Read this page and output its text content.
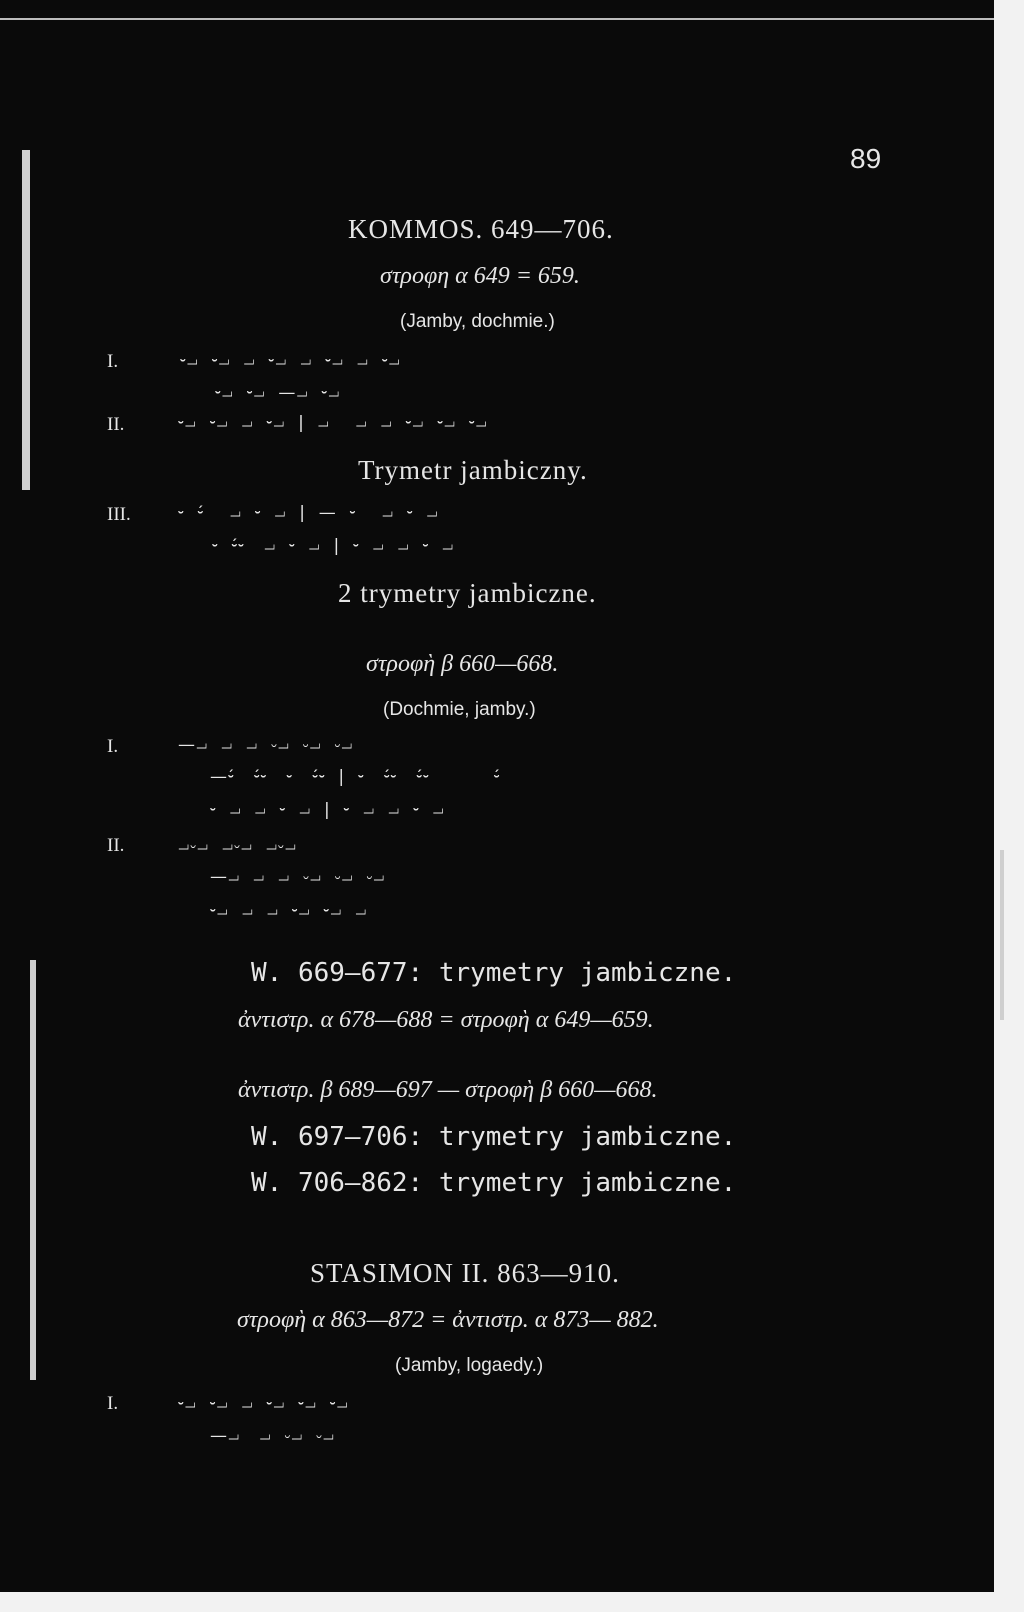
89
KOMMOS. 649—706.
στροφη α 649 = 659.
(Jamby, dochmie.)
I.	⏑⏗  ⏑⏗  ⏗  ⏑⏗  ⏗  ⏑⏗  ⏗  ⏑⏗
⏑⏗  ⏑⏗  —⏗  ⏑⏗
II.	⏑⏗  ⏑⏗  ⏗  ⏑⏗  |  ⏗    ⏗  ⏗  ⏑⏗  ⏑⏗  ⏑⏗
Trymetr jambiczny.
III.	⏑  ⏑́    ⏗  ⏑  ⏗  |  —  ⏑    ⏗  ⏑  ⏗
⏑  ⏑́⏑   ⏗  ⏑  ⏗  |  ⏑  ⏗  ⏗  ⏑  ⏗
2 trymetry jambiczne.
στροφὴ β 660—668.
(Dochmie, jamby.)
I.	—⏗  ⏗  ⏗  ⏑⏗  ⏑⏗  ⏑⏗
—⏑́   ⏑́⏑   ⏑   ⏑́⏑  |  ⏑   ⏑́⏑   ⏑́⏑          ⏑́
⏑  ⏗  ⏗  ⏑  ⏗  |  ⏑  ⏗  ⏗  ⏑  ⏗
II.	⏗⏑⏗  ⏗⏑⏗  ⏗⏑⏗
—⏗  ⏗  ⏗  ⏑⏗  ⏑⏗  ⏑⏗
⏑⏗  ⏗  ⏗  ⏑⏗  ⏑⏗  ⏗
W. 669—677: trymetry jambiczne.
ἀντιστρ. α 678—688 = στροφὴ α 649—659.
ἀντιστρ. β 689—697 — στροφὴ β 660—668.
W. 697—706: trymetry jambiczne.
W. 706—862: trymetry jambiczne.
STASIMON II. 863—910.
στροφὴ α 863—872 = ἀντιστρ. α 873— 882.
(Jamby, logaedy.)
I.	⏑⏗  ⏑⏗  ⏗  ⏑⏗  ⏑⏗  ⏑⏗
—⏗   ⏗  ⏑⏗  ⏑⏗
